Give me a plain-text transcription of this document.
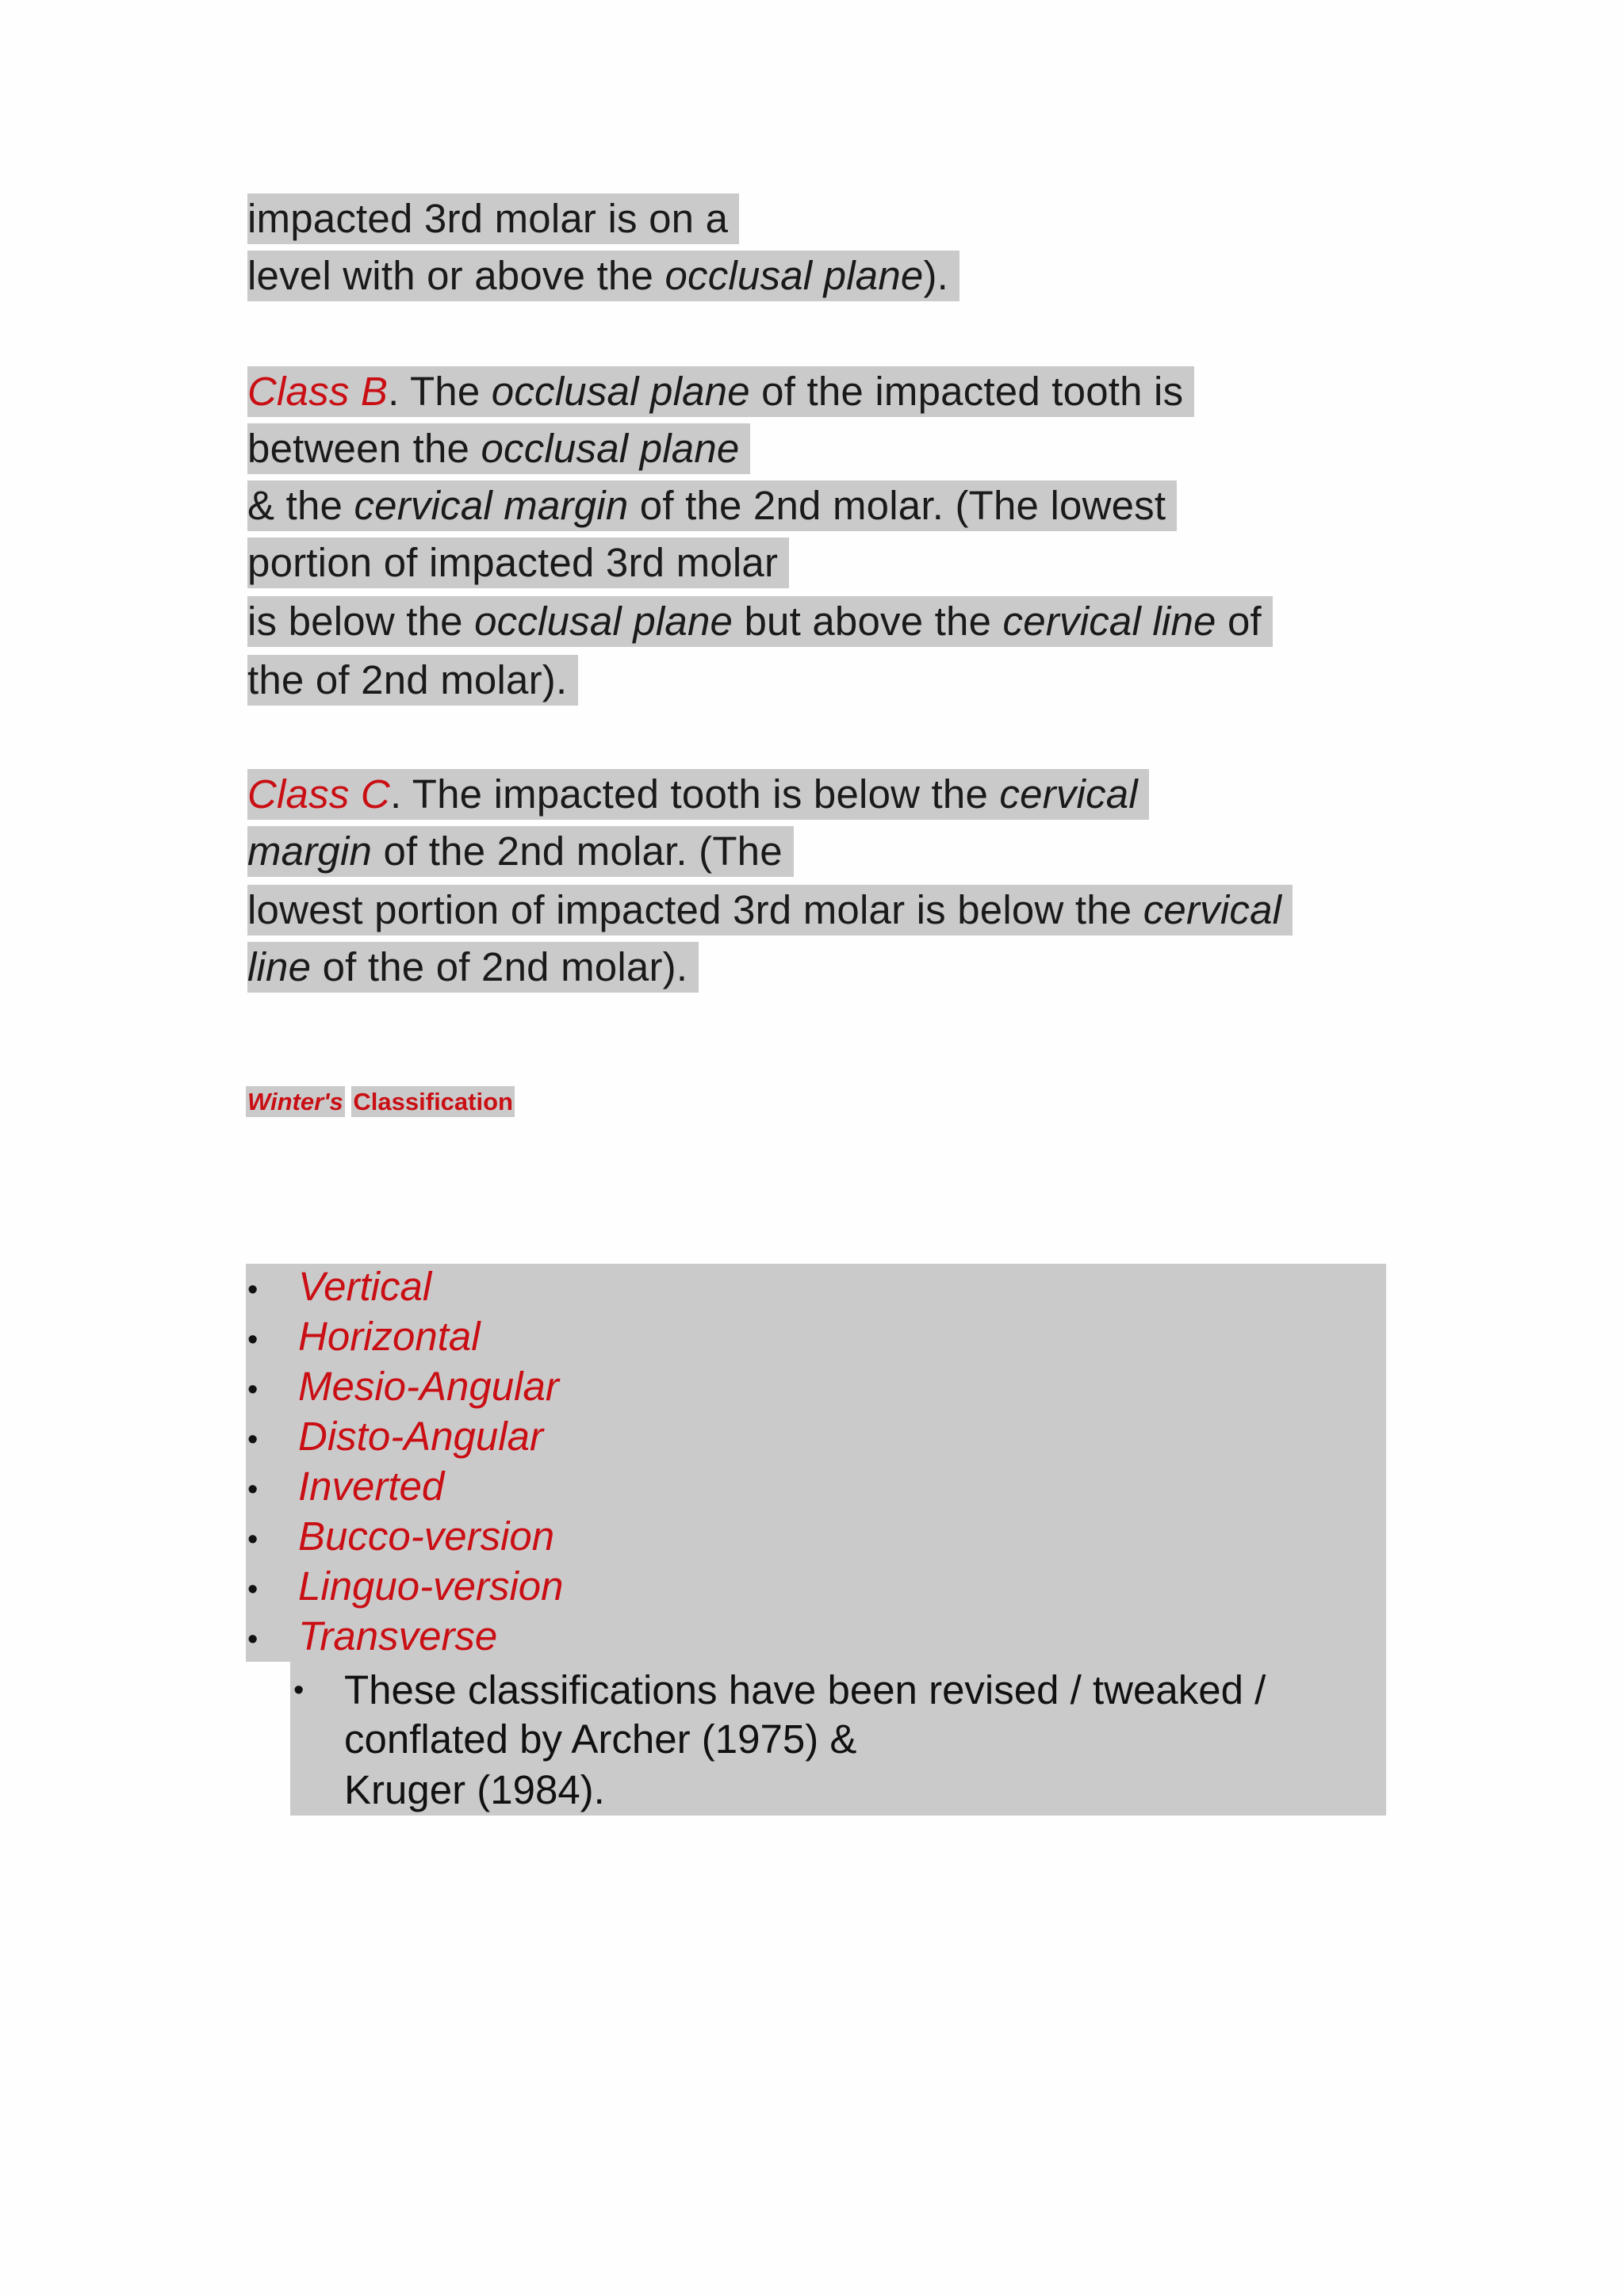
impacted 3rd molar is on a
level with or above the occlusal plane).
Class B. The occlusal plane of the impacted tooth is
between the occlusal plane
& the cervical margin of the 2nd molar. (The lowest
portion of impacted 3rd molar
is below the occlusal plane but above the cervical line of
the of 2nd molar).
Class C. The impacted tooth is below the cervical
margin of the 2nd molar. (The
lowest portion of impacted 3rd molar is below the cervical
line of the of 2nd molar).
Winter's Classification
• Vertical
• Horizontal
• Mesio-Angular
• Disto-Angular
• Inverted
• Bucco-version
• Linguo-version
• Transverse
• These classifications have been revised / tweaked /
conflated by Archer (1975) &
Kruger (1984).
